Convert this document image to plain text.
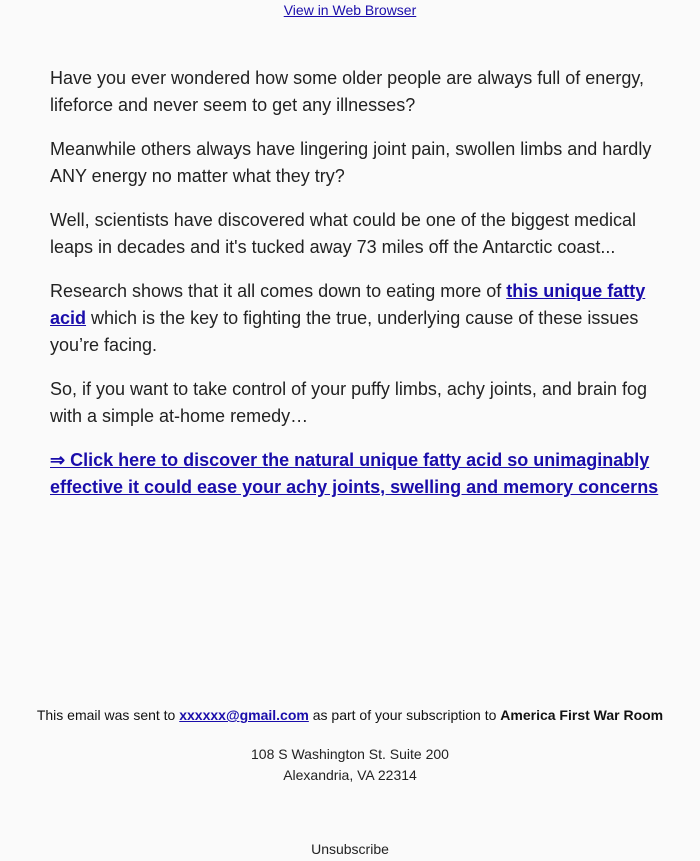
View in Web Browser

Have you ever wondered how some older people are always full of energy, lifeforce and never seem to get any illnesses?

Meanwhile others always have lingering joint pain, swollen limbs and hardly ANY energy no matter what they try?

Well, scientists have discovered what could be one of the biggest medical leaps in decades and it's tucked away 73 miles off the Antarctic coast...

Research shows that it all comes down to eating more of this unique fatty acid which is the key to fighting the true, underlying cause of these issues you’re facing.

So, if you want to take control of your puffy limbs, achy joints, and brain fog with a simple at-home remedy…

⇒ Click here to discover the natural unique fatty acid so unimaginably effective it could ease your achy joints, swelling and memory concerns

This email was sent to xxxxxx@gmail.com as part of your subscription to America First War Room
108 S Washington St. Suite 200
Alexandria, VA 22314
Unsubscribe
